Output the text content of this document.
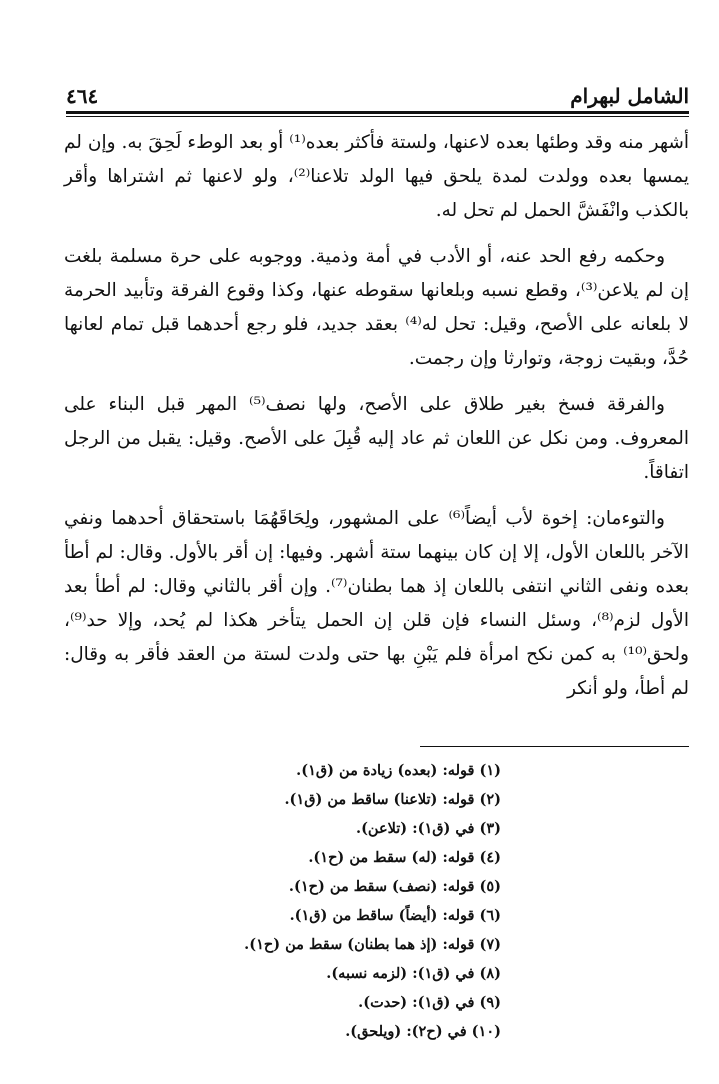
الشامل لبهرام
٤٦٤

أشهر منه وقد وطئها بعده لاعنها، ولستة فأكثر بعده⁽¹⁾ أو بعد الوطء لَحِقَ به. وإن لم يمسها بعده وولدت لمدة يلحق فيها الولد تلاعنا⁽²⁾، ولو لاعنها ثم اشتراها وأقر بالكذب وانْفَشَّ الحمل لم تحل له.

وحكمه رفع الحد عنه، أو الأدب في أمة وذمية. ووجوبه على حرة مسلمة بلغت إن لم يلاعن⁽³⁾، وقطع نسبه وبلعانها سقوطه عنها، وكذا وقوع الفرقة وتأبيد الحرمة لا بلعانه على الأصح، وقيل: تحل له⁽⁴⁾ بعقد جديد، فلو رجع أحدهما قبل تمام لعانها حُدَّ، وبقيت زوجة، وتوارثا وإن رجمت.

والفرقة فسخ بغير طلاق على الأصح، ولها نصف⁽⁵⁾ المهر قبل البناء على المعروف. ومن نكل عن اللعان ثم عاد إليه قُبِلَ على الأصح. وقيل: يقبل من الرجل اتفاقاً.

والتوءمان: إخوة لأب أيضاً⁽⁶⁾ على المشهور، ولِحَاقَهُمَا باستحقاق أحدهما ونفي الآخر باللعان الأول، إلا إن كان بينهما ستة أشهر. وفيها: إن أقر بالأول. وقال: لم أطأ بعده ونفى الثاني انتفى باللعان إذ هما بطنان⁽⁷⁾. وإن أقر بالثاني وقال: لم أطأ بعد الأول لزم⁽⁸⁾، وسئل النساء فإن قلن إن الحمل يتأخر هكذا لم يُحد، وإلا حد⁽⁹⁾، ولحق⁽¹⁰⁾ به كمن نكح امرأة فلم يَبْنِ بها حتى ولدت لستة من العقد فأقر به وقال: لم أطأ، ولو أنكر

(١) قوله: (بعده) زيادة من (ق١).
(٢) قوله: (تلاعنا) ساقط من (ق١).
(٣) في (ق١): (تلاعن).
(٤) قوله: (له) سقط من (ح١).
(٥) قوله: (نصف) سقط من (ح١).
(٦) قوله: (أيضاً) ساقط من (ق١).
(٧) قوله: (إذ هما بطنان) سقط من (ح١).
(٨) في (ق١): (لزمه نسبه).
(٩) في (ق١): (حدت).
(١٠) في (ح٢): (ويلحق).
